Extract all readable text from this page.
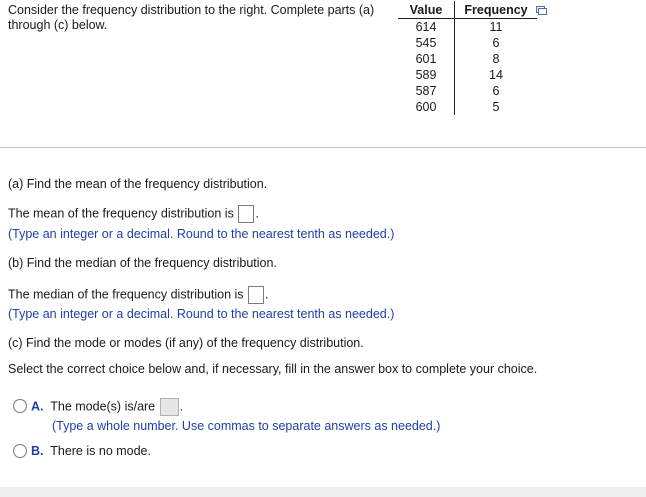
Consider the frequency distribution to the right. Complete parts (a) through (c) below.
Value	Frequency
614	11
545	6
601	8
589	14
587	6
600	5
(a) Find the mean of the frequency distribution.
The mean of the frequency distribution is .
(Type an integer or a decimal. Round to the nearest tenth as needed.)
(b) Find the median of the frequency distribution.
The median of the frequency distribution is .
(Type an integer or a decimal. Round to the nearest tenth as needed.)
(c) Find the mode or modes (if any) of the frequency distribution.
Select the correct choice below and, if necessary, fill in the answer box to complete your choice.
A. The mode(s) is/are .
(Type a whole number. Use commas to separate answers as needed.)
B. There is no mode.
